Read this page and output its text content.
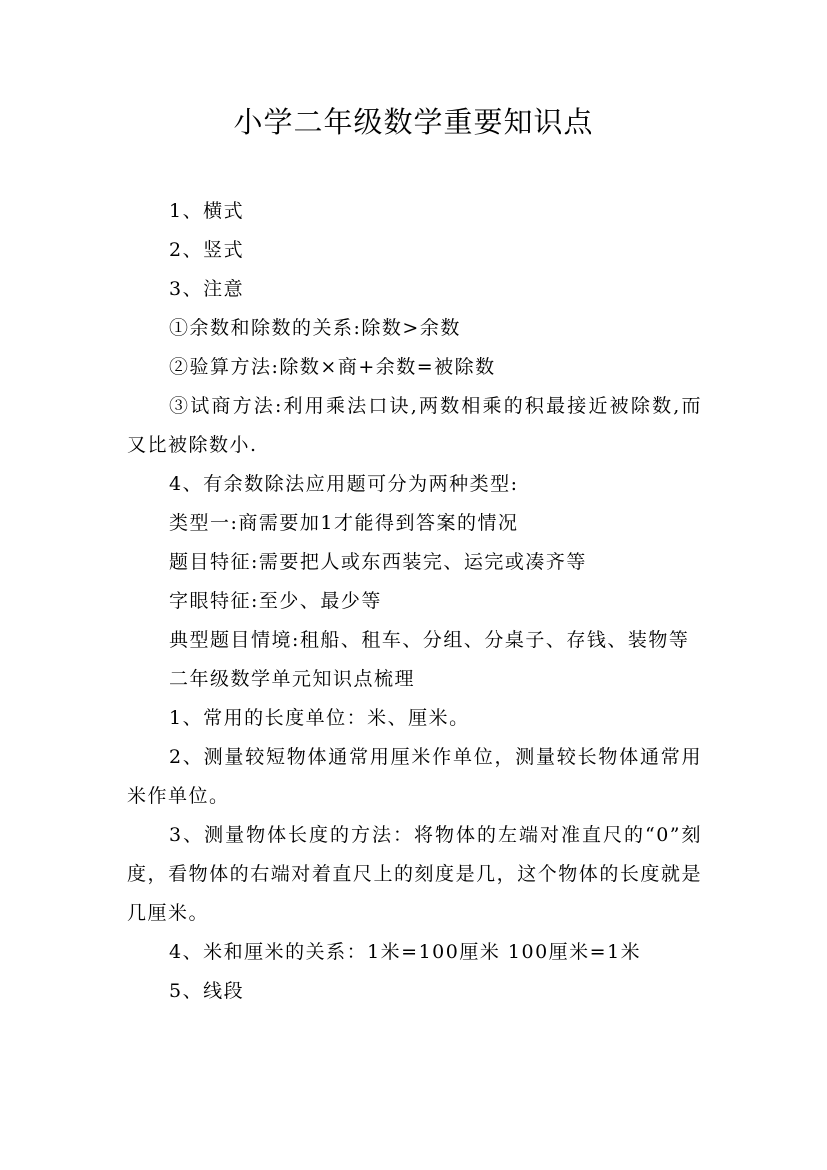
小学二年级数学重要知识点

1、横式

2、竖式

3、注意

①余数和除数的关系:除数>余数

②验算方法:除数×商+余数=被除数

③试商方法:利用乘法口诀,两数相乘的积最接近被除数,而又比被除数小.

4、有余数除法应用题可分为两种类型:

类型一:商需要加1才能得到答案的情况

题目特征:需要把人或东西装完、运完或凑齐等

字眼特征:至少、最少等

典型题目情境:租船、租车、分组、分桌子、存钱、装物等

二年级数学单元知识点梳理

1、常用的长度单位：米、厘米。

2、测量较短物体通常用厘米作单位，测量较长物体通常用米作单位。

3、测量物体长度的方法：将物体的左端对准直尺的“0”刻度，看物体的右端对着直尺上的刻度是几，这个物体的长度就是几厘米。

4、米和厘米的关系：1米=100厘米 100厘米=1米

5、线段
